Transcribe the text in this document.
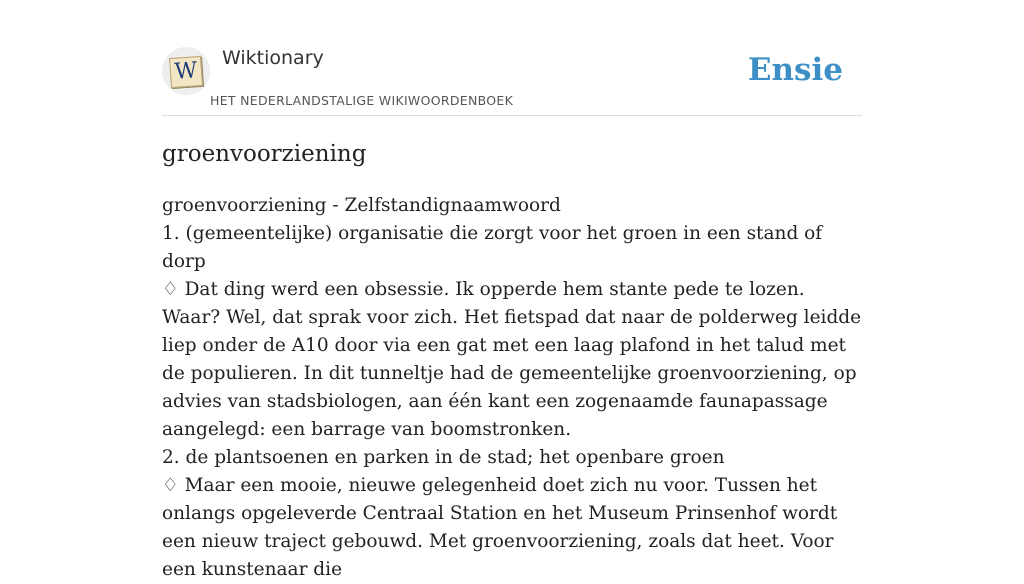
W
Wiktionary
HET NEDERLANDSTALIGE WIKIWOORDENBOEK
Ensie
groenvoorziening

groenvoorziening - Zelfstandignaamwoord

1. (gemeentelijke) organisatie die zorgt voor het groen in een stand of dorp

♢ Dat ding werd een obsessie. Ik opperde hem stante pede te lozen. Waar? Wel, dat sprak voor zich. Het fietspad dat naar de polderweg leidde liep onder de A10 door via een gat met een laag plafond in het talud met de populieren. In dit tunneltje had de gemeentelijke groenvoorziening, op advies van stadsbiologen, aan één kant een zogenaamde faunapassage aangelegd: een barrage van boomstronken.

2. de plantsoenen en parken in de stad; het openbare groen

♢ Maar een mooie, nieuwe gelegenheid doet zich nu voor. Tussen het onlangs opgeleverde Centraal Station en het Museum Prinsenhof wordt een nieuw traject gebouwd. Met groenvoorziening, zoals dat heet. Voor een kunstenaar die
